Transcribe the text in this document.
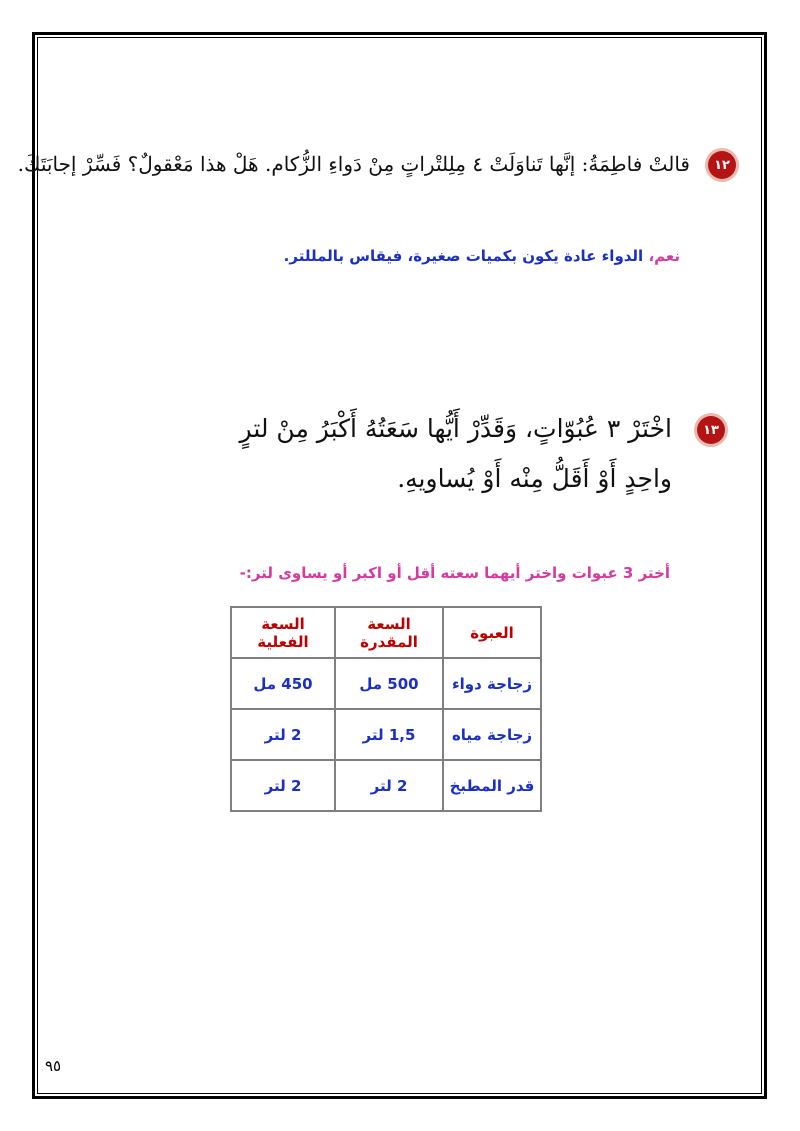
١٢
قالتْ فاطِمَةُ: إنَّها تَناوَلَتْ ٤ مِلِلتْراتٍ مِنْ دَواءِ الزُّكام. هَلْ هذا مَعْقولٌ؟ فَسِّرْ إجابَتَكَ.
نعم، الدواء عادة يكون بكميات صغيرة، فيقاس بالمللتر.
١٣
اخْتَرْ ٣ عُبُوّاتٍ، وَقَدِّرْ أَيُّها سَعَتُهُ أَكْبَرُ مِنْ لترٍ
واحِدٍ أَوْ أَقَلُّ مِنْه أَوْ يُساويهِ.
أختر 3 عبوات واختر أيهما سعته أقل أو اكبر أو يساوى لتر:-
العبوة	السعة المقدرة	السعة الفعلية
زجاجة دواء	500 مل	450 مل
زجاجة مياه	1,5 لتر	2 لتر
قدر المطبخ	2 لتر	2 لتر
٩٥
